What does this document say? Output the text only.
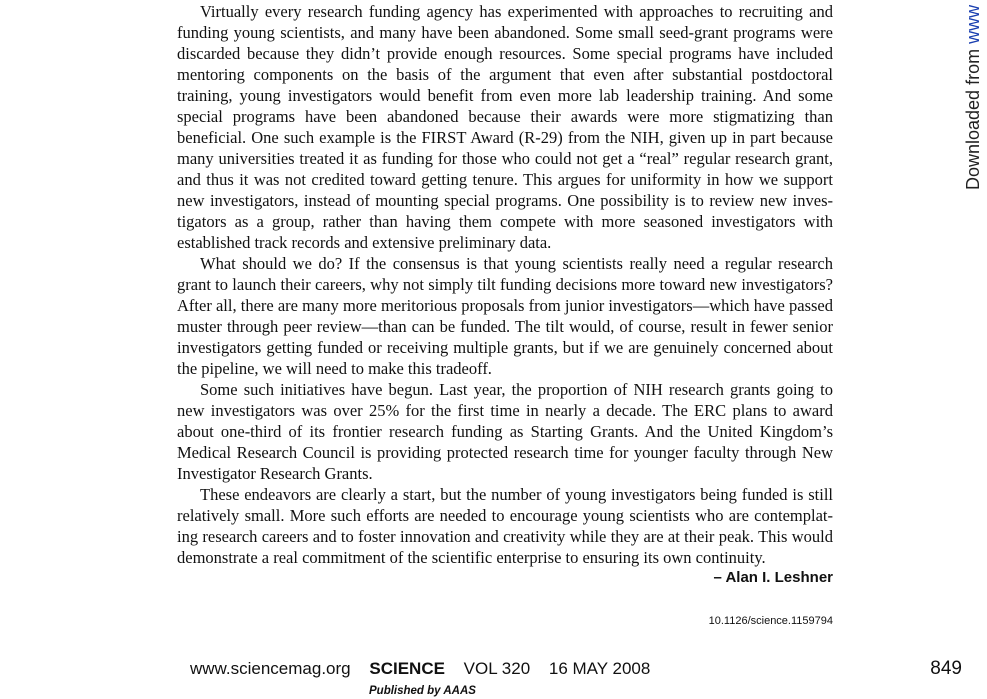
Virtually every research funding agency has experimented with approaches to recruiting and funding young scientists, and many have been abandoned. Some small seed-grant programs were discarded because they didn’t provide enough resources. Some special programs have included mentoring components on the basis of the argument that even after substantial postdoctoral training, young investigators would benefit from even more lab leadership training. And some special programs have been abandoned because their awards were more stigmatizing than beneficial. One such example is the FIRST Award (R-29) from the NIH, given up in part because many universities treated it as funding for those who could not get a “real” regular research grant, and thus it was not credited toward getting tenure. This argues for uniformity in how we support new investigators, instead of mounting special programs. One possibility is to review new investigators as a group, rather than having them compete with more seasoned investigators with established track records and extensive preliminary data.

What should we do? If the consensus is that young scientists really need a regular research grant to launch their careers, why not simply tilt funding decisions more toward new investigators? After all, there are many more meritorious proposals from junior investigators—which have passed muster through peer review—than can be funded. The tilt would, of course, result in fewer senior investigators getting funded or receiving multiple grants, but if we are genuinely concerned about the pipeline, we will need to make this tradeoff.

Some such initiatives have begun. Last year, the proportion of NIH research grants going to new investigators was over 25% for the first time in nearly a decade. The ERC plans to award about one-third of its frontier research funding as Starting Grants. And the United Kingdom’s Medical Research Council is providing protected research time for younger faculty through New Investigator Research Grants.

These endeavors are clearly a start, but the number of young investigators being funded is still relatively small. More such efforts are needed to encourage young scientists who are contemplating research careers and to foster innovation and creativity while they are at their peak. This would demonstrate a real commitment of the scientific enterprise to ensuring its own continuity.

– Alan I. Leshner
10.1126/science.1159794
Downloaded from www
www.sciencemag.org SCIENCE VOL 320 16 MAY 2008	849
Published by AAAS
